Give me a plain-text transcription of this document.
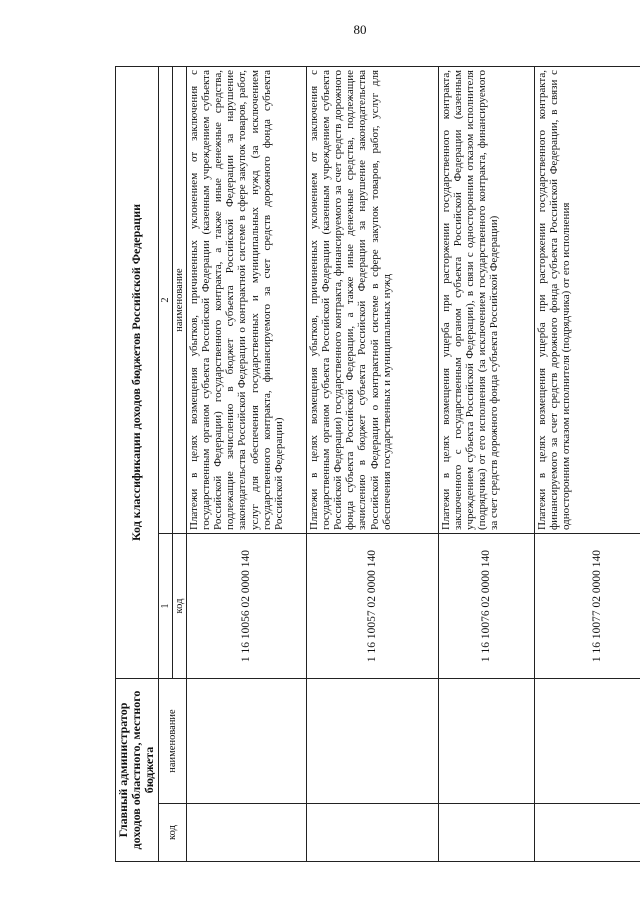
80
Главный администратор доходов областного, местного бюджета		Код классификации доходов бюджетов Российской Федерации	
код	наименование	1	2
		код	наименование
		1 16 10056 02 0000 140	Платежи в целях возмещения убытков, причиненных уклонением от заключения с государственным органом субъекта Российской Федерации (казенным учреждением субъекта Российской Федерации) государственного контракта, а также иные денежные средства, подлежащие зачислению в бюджет субъекта Российской Федерации за нарушение законодательства Российской Федерации о контрактной системе в сфере закупок товаров, работ, услуг для обеспечения государственных и муниципальных нужд (за исключением государственного контракта, финансируемого за счет средств дорожного фонда субъекта Российской Федерации)
		1 16 10057 02 0000 140	Платежи в целях возмещения убытков, причиненных уклонением от заключения с государственным органом субъекта Российской Федерации (казенным учреждением субъекта Российской Федерации) государственного контракта, финансируемого за счет средств дорожного фонда субъекта Российской Федерации, а также иные денежные средства, подлежащие зачислению в бюджет субъекта Российской Федерации за нарушение законодательства Российской Федерации о контрактной системе в сфере закупок товаров, работ, услуг для обеспечения государственных и муниципальных нужд
		1 16 10076 02 0000 140	Платежи в целях возмещения ущерба при расторжении государственного контракта, заключенного с государственным органом субъекта Российской Федерации (казенным учреждением субъекта Российской Федерации), в связи с односторонним отказом исполнителя (подрядчика) от его исполнения (за исключением государственного контракта, финансируемого за счет средств дорожного фонда субъекта Российской Федерации)
		1 16 10077 02 0000 140	Платежи в целях возмещения ущерба при расторжении государственного контракта, финансируемого за счет средств дорожного фонда субъекта Российской Федерации, в связи с односторонним отказом исполнителя (подрядчика) от его исполнения
